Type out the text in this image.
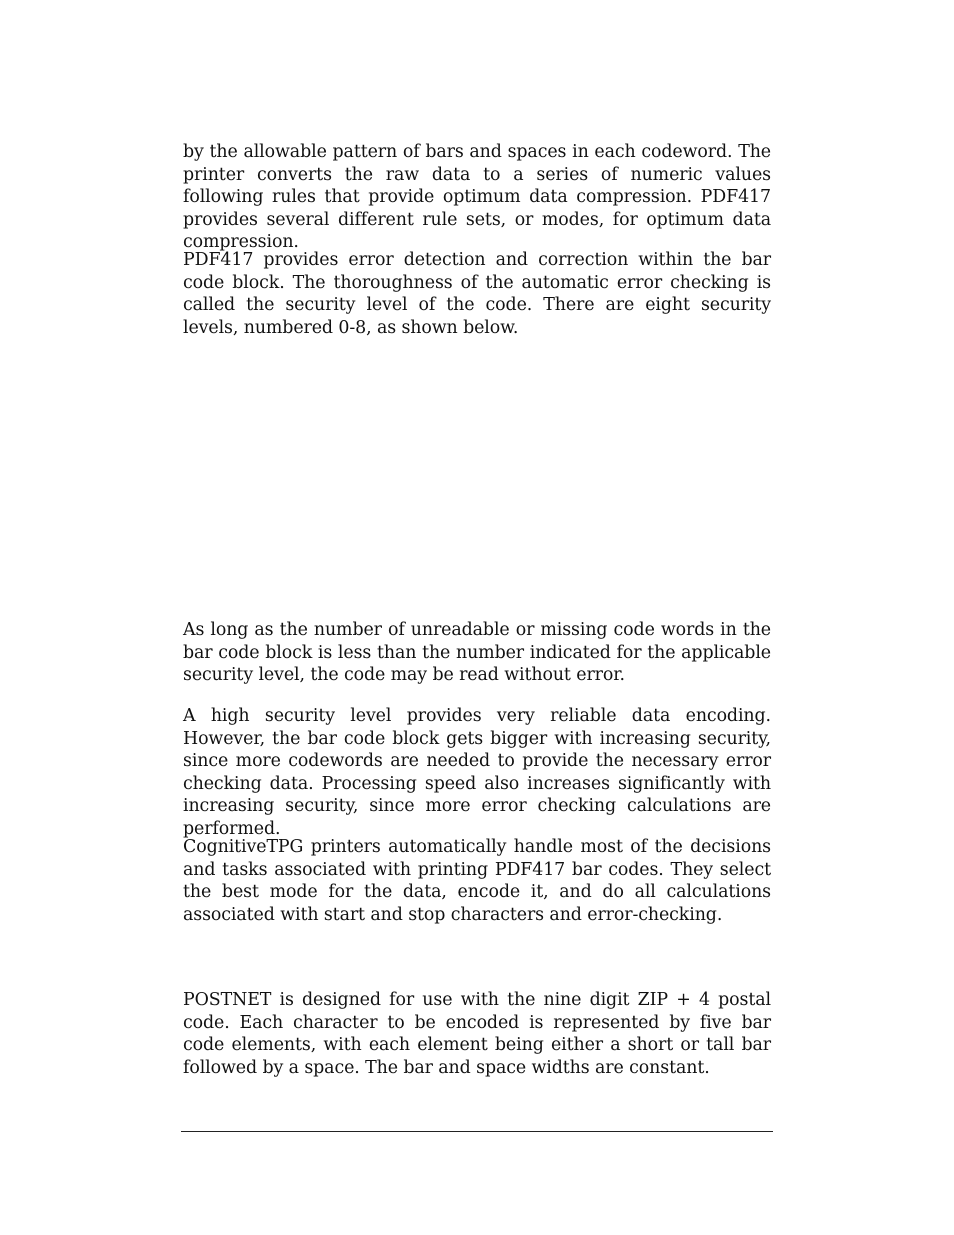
by the allowable pattern of bars and spaces in each codeword. The printer converts the raw data to a series of numeric values following rules that provide optimum data compression. PDF417 provides several different rule sets, or modes, for optimum data compression.

PDF417 provides error detection and correction within the bar code block. The thoroughness of the automatic error checking is called the security level of the code. There are eight security levels, numbered 0-8, as shown below.

As long as the number of unreadable or missing code words in the bar code block is less than the number indicated for the applicable security level, the code may be read without error.

A high security level provides very reliable data encoding. However, the bar code block gets bigger with increasing security, since more codewords are needed to provide the necessary error checking data. Processing speed also increases significantly with increasing security, since more error checking calculations are performed.

CognitiveTPG printers automatically handle most of the decisions and tasks associated with printing PDF417 bar codes. They select the best mode for the data, encode it, and do all calculations associated with start and stop characters and error-checking.

POSTNET is designed for use with the nine digit ZIP + 4 postal code. Each character to be encoded is represented by five bar code elements, with each element being either a short or tall bar followed by a space. The bar and space widths are constant.
